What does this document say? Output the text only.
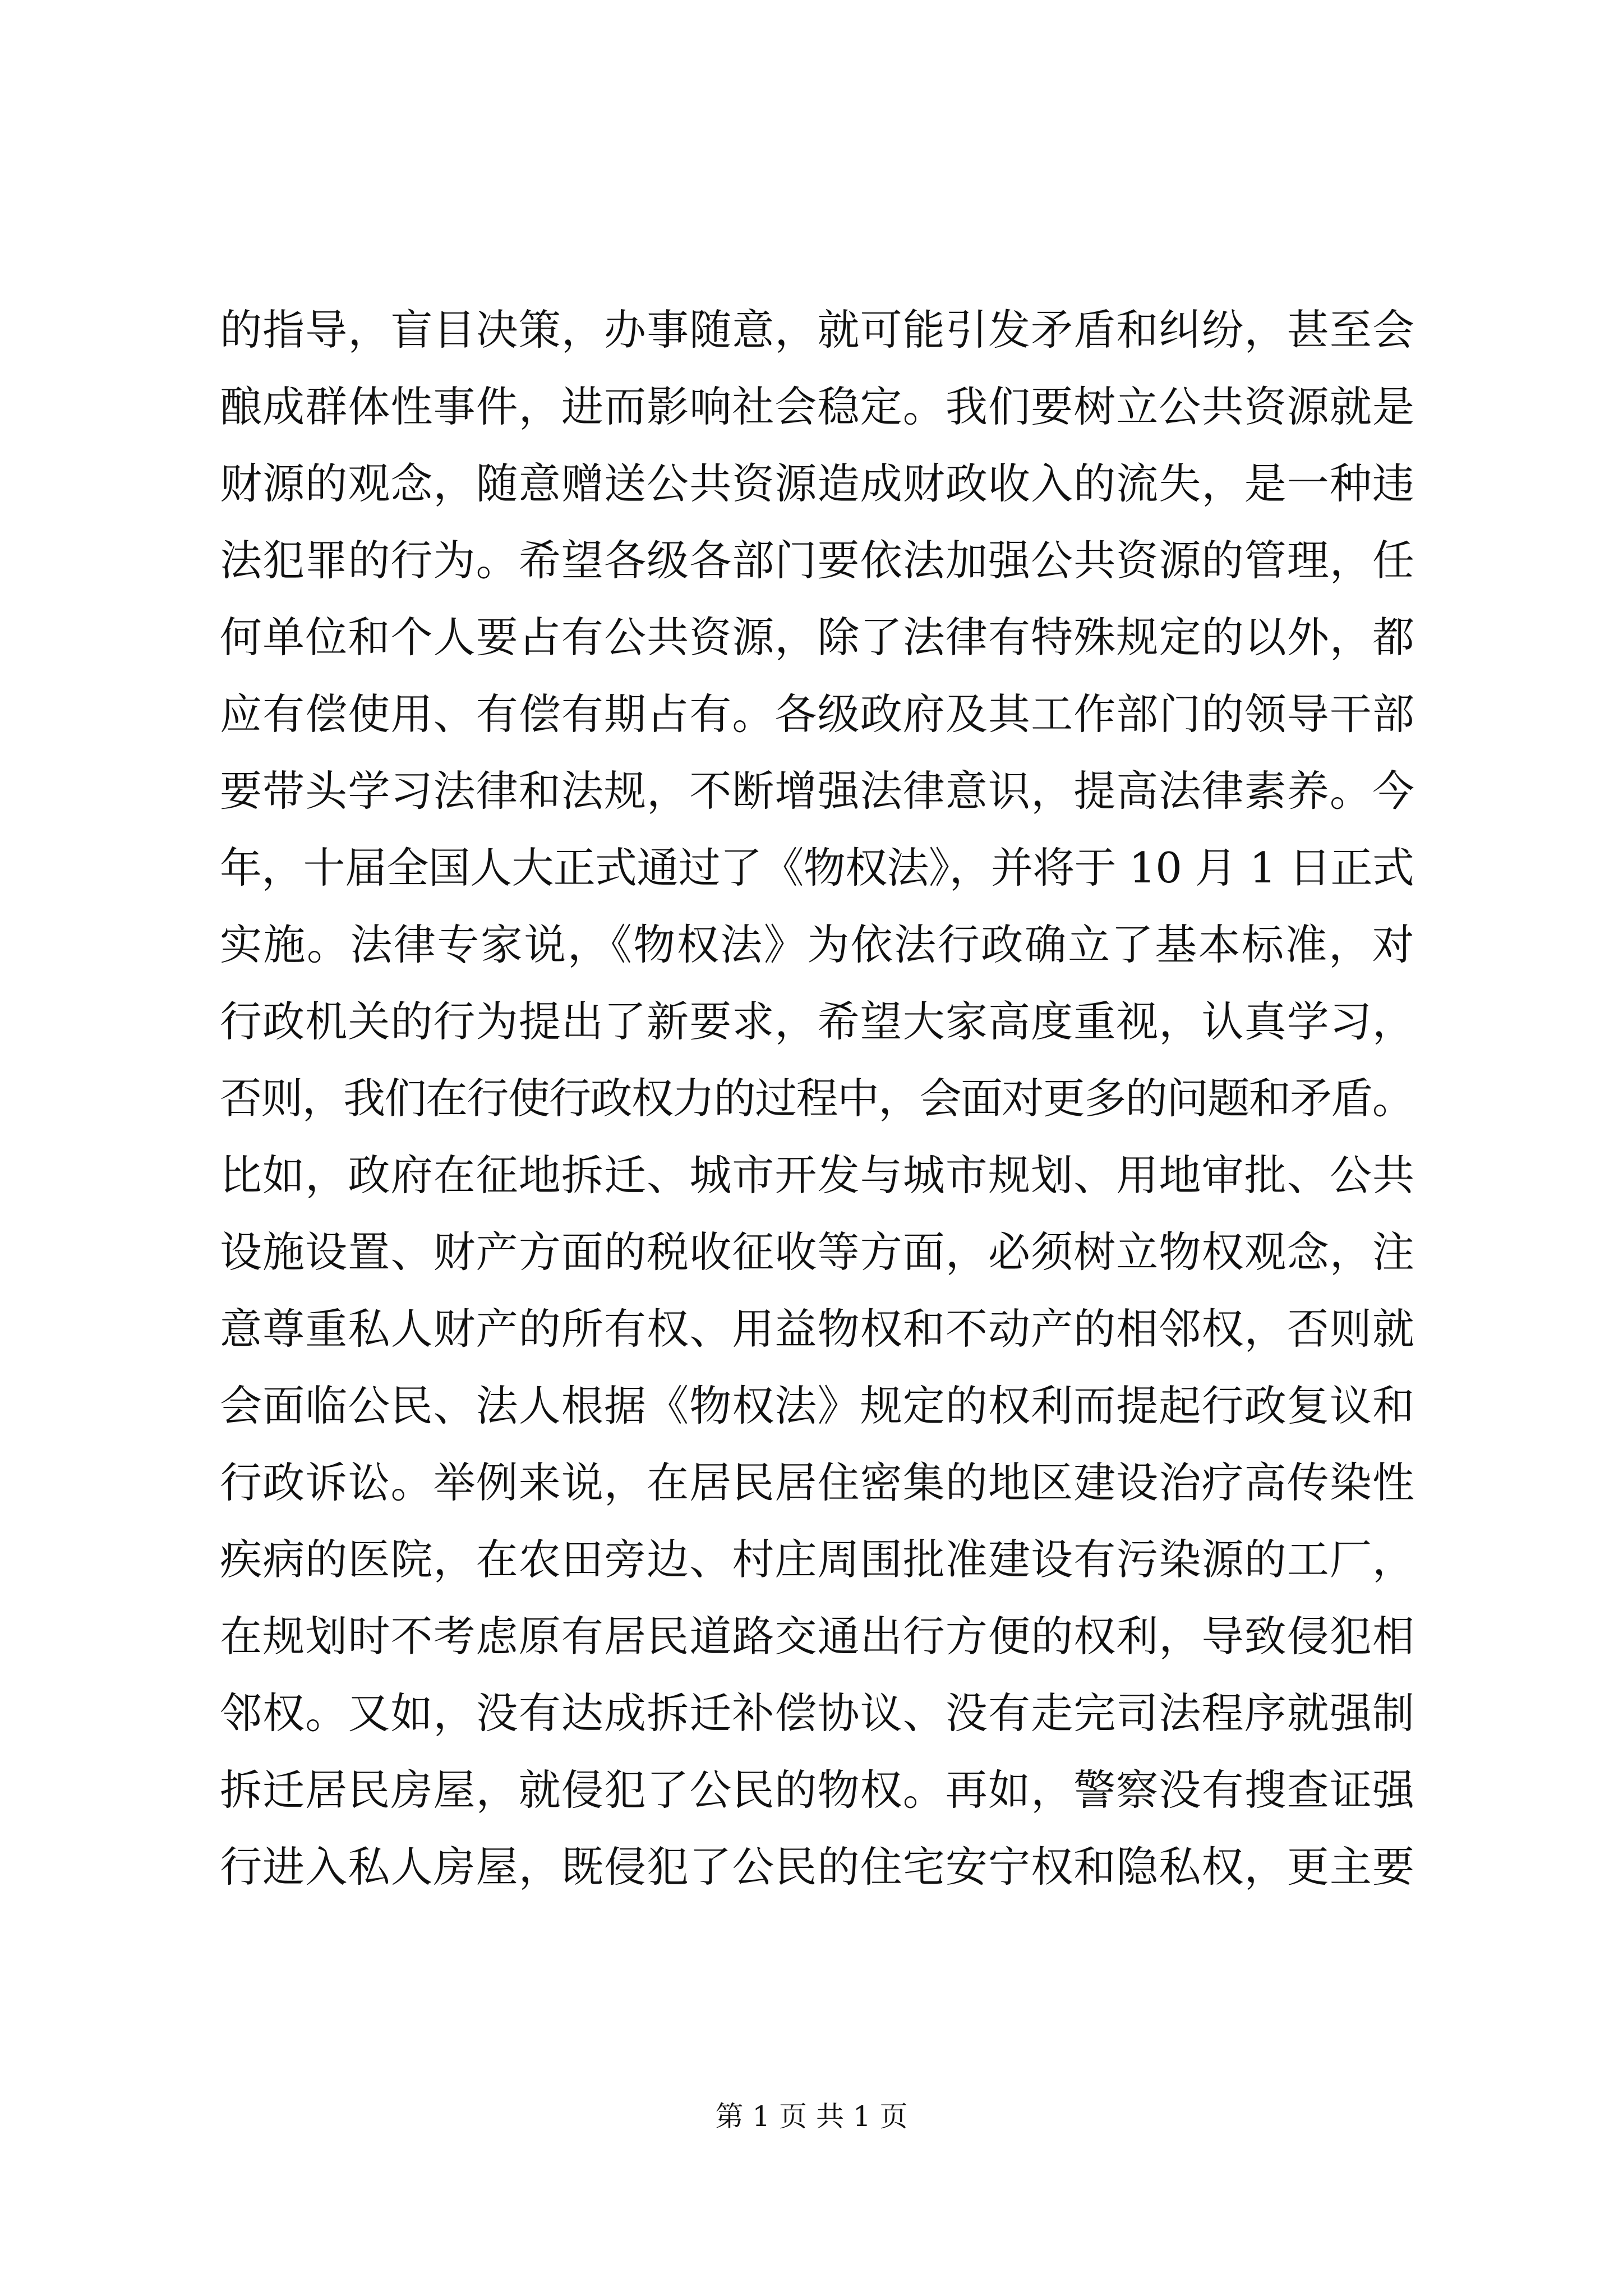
的指导，盲目决策，办事随意，就可能引发矛盾和纠纷，甚至会
酿成群体性事件，进而影响社会稳定。我们要树立公共资源就是
财源的观念，随意赠送公共资源造成财政收入的流失，是一种违
法犯罪的行为。希望各级各部门要依法加强公共资源的管理，任
何单位和个人要占有公共资源，除了法律有特殊规定的以外，都
应有偿使用、有偿有期占有。各级政府及其工作部门的领导干部
要带头学习法律和法规，不断增强法律意识，提高法律素养。今
年，十届全国人大正式通过了《物权法》，并将于 10 月 1 日正式
实施。法律专家说，《物权法》为依法行政确立了基本标准，对
行政机关的行为提出了新要求，希望大家高度重视，认真学习，
否则，我们在行使行政权力的过程中，会面对更多的问题和矛盾。
比如，政府在征地拆迁、城市开发与城市规划、用地审批、公共
设施设置、财产方面的税收征收等方面，必须树立物权观念，注
意尊重私人财产的所有权、用益物权和不动产的相邻权，否则就
会面临公民、法人根据《物权法》规定的权利而提起行政复议和
行政诉讼。举例来说，在居民居住密集的地区建设治疗高传染性
疾病的医院，在农田旁边、村庄周围批准建设有污染源的工厂，
在规划时不考虑原有居民道路交通出行方便的权利，导致侵犯相
邻权。又如，没有达成拆迁补偿协议、没有走完司法程序就强制
拆迁居民房屋，就侵犯了公民的物权。再如，警察没有搜查证强
行进入私人房屋，既侵犯了公民的住宅安宁权和隐私权，更主要
第 1 页 共 1 页
